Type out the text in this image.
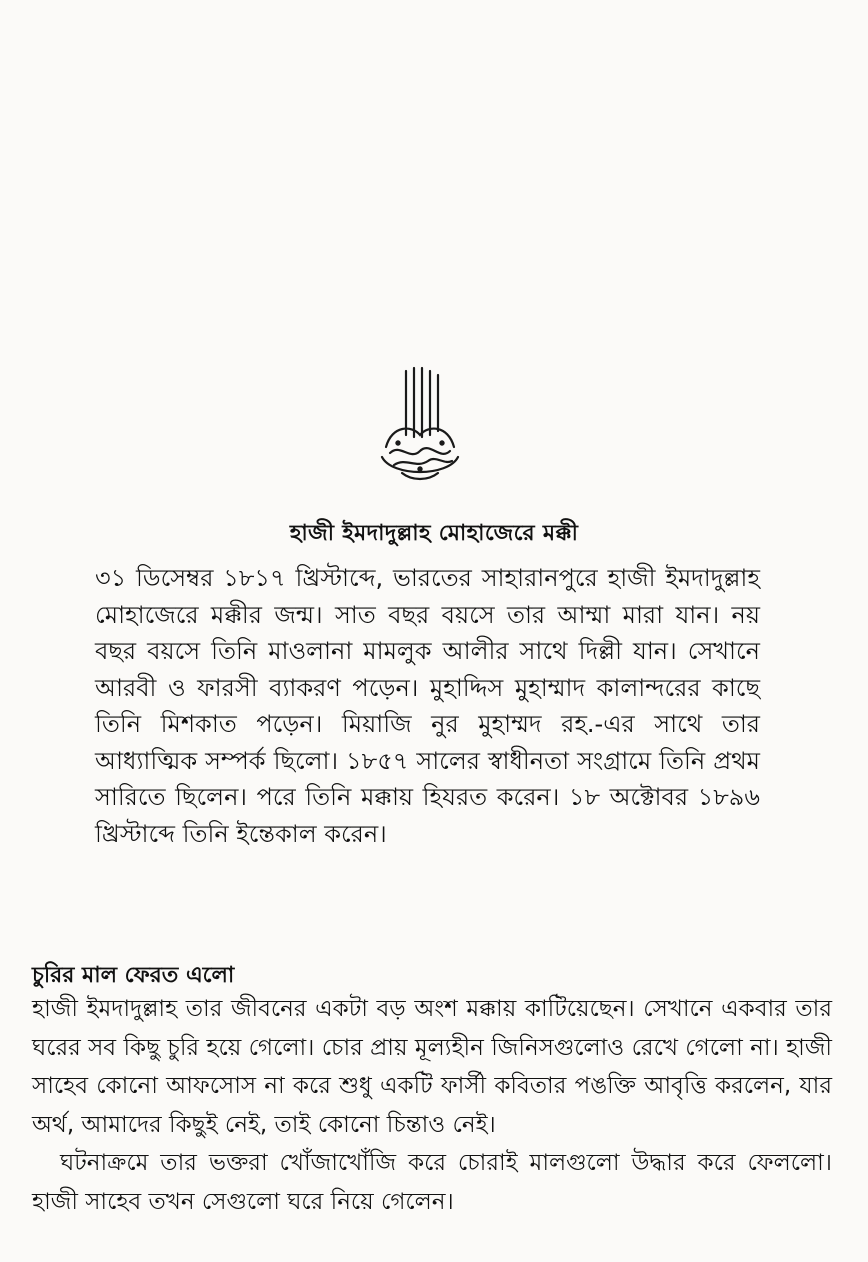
হাজী ইমদাদুল্লাহ মোহাজেরে মক্কী
৩১ ডিসেম্বর ১৮১৭ খ্রিস্টাব্দে, ভারতের সাহারানপুরে হাজী ইমদাদুল্লাহ মোহাজেরে মক্কীর জন্ম। সাত বছর বয়সে তার আম্মা মারা যান। নয় বছর বয়সে তিনি মাওলানা মামলুক আলীর সাথে দিল্লী যান। সেখানে আরবী ও ফারসী ব্যাকরণ পড়েন। মুহাদ্দিস মুহাম্মাদ কালান্দরের কাছে তিনি মিশকাত পড়েন। মিয়াজি নুর মুহাম্মদ রহ.-এর সাথে তার আধ্যাত্মিক সম্পর্ক ছিলো। ১৮৫৭ সালের স্বাধীনতা সংগ্রামে তিনি প্রথম সারিতে ছিলেন। পরে তিনি মক্কায় হিযরত করেন। ১৮ অক্টোবর ১৮৯৬ খ্রিস্টাব্দে তিনি ইন্তেকাল করেন।
চুরির মাল ফেরত এলো

হাজী ইমদাদুল্লাহ তার জীবনের একটা বড় অংশ মক্কায় কাটিয়েছেন। সেখানে একবার তার ঘরের সব কিছু চুরি হয়ে গেলো। চোর প্রায় মূল্যহীন জিনিসগুলোও রেখে গেলো না। হাজী সাহেব কোনো আফসোস না করে শুধু একটি ফার্সী কবিতার পঙক্তি আবৃত্তি করলেন, যার অর্থ, আমাদের কিছুই নেই, তাই কোনো চিন্তাও নেই।

ঘটনাক্রমে তার ভক্তরা খোঁজাখোঁজি করে চোরাই মালগুলো উদ্ধার করে ফেললো। হাজী সাহেব তখন সেগুলো ঘরে নিয়ে গেলেন।
